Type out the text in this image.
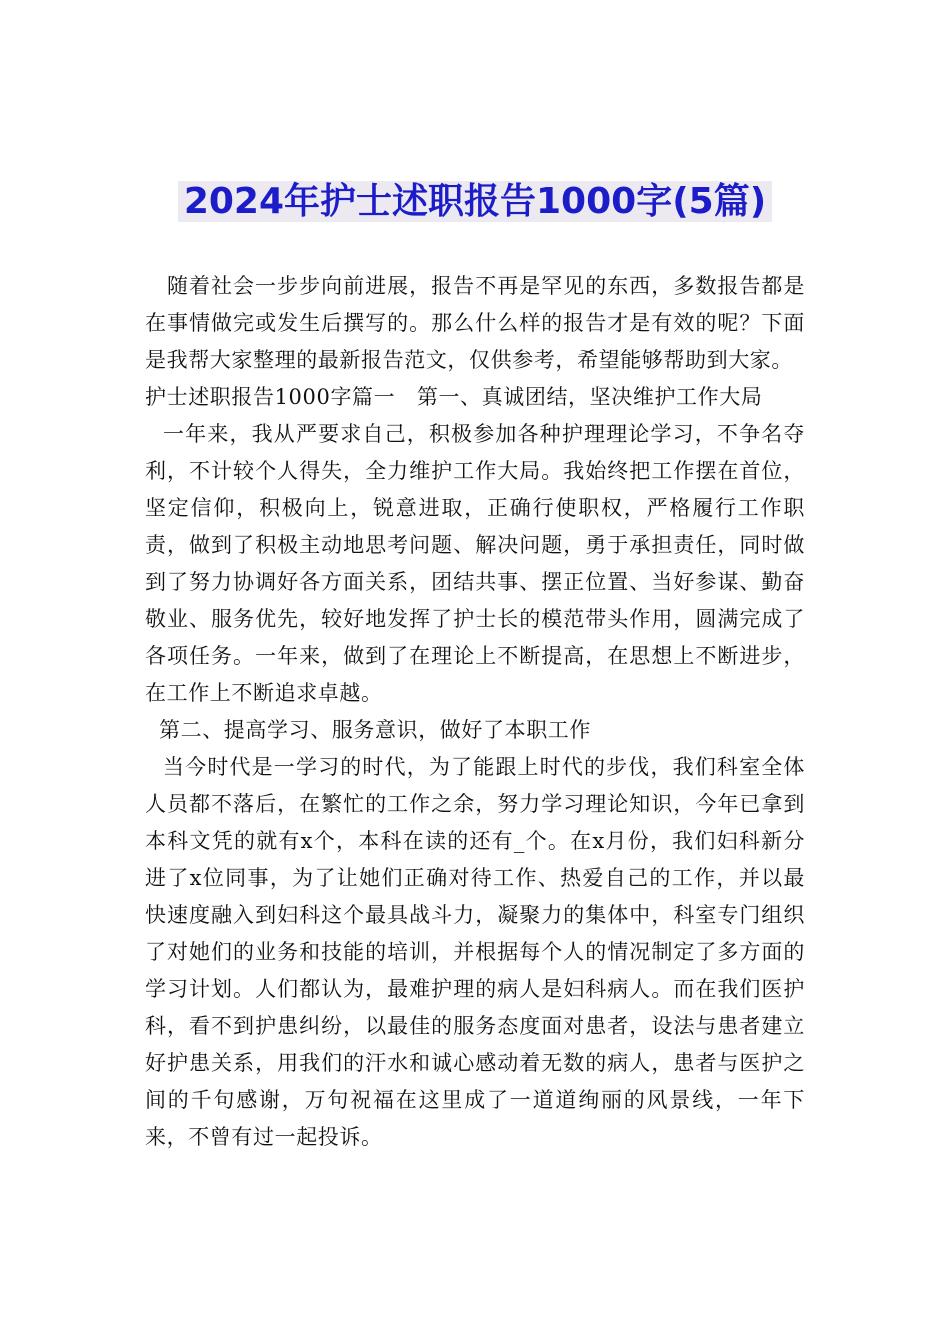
2024年护士述职报告1000字(5篇)

随着社会一步步向前进展，报告不再是罕见的东西，多数报告都是在事情做完或发生后撰写的。那么什么样的报告才是有效的呢？下面是我帮大家整理的最新报告范文，仅供参考，希望能够帮助到大家。

护士述职报告1000字篇一　第一、真诚团结，坚决维护工作大局

一年来，我从严要求自己，积极参加各种护理理论学习，不争名夺利，不计较个人得失，全力维护工作大局。我始终把工作摆在首位，坚定信仰，积极向上，锐意进取，正确行使职权，严格履行工作职责，做到了积极主动地思考问题、解决问题，勇于承担责任，同时做到了努力协调好各方面关系，团结共事、摆正位置、当好参谋、勤奋敬业、服务优先，较好地发挥了护士长的模范带头作用，圆满完成了各项任务。一年来，做到了在理论上不断提高，在思想上不断进步，在工作上不断追求卓越。

第二、提高学习、服务意识，做好了本职工作

当今时代是一学习的时代，为了能跟上时代的步伐，我们科室全体人员都不落后，在繁忙的工作之余，努力学习理论知识，今年已拿到本科文凭的就有x个，本科在读的还有_个。在x月份，我们妇科新分进了x位同事，为了让她们正确对待工作、热爱自己的工作，并以最快速度融入到妇科这个最具战斗力，凝聚力的集体中，科室专门组织了对她们的业务和技能的培训，并根据每个人的情况制定了多方面的学习计划。人们都认为，最难护理的病人是妇科病人。而在我们医护科，看不到护患纠纷，以最佳的服务态度面对患者，设法与患者建立好护患关系，用我们的汗水和诚心感动着无数的病人，患者与医护之间的千句感谢，万句祝福在这里成了一道道绚丽的风景线，一年下来，不曾有过一起投诉。
